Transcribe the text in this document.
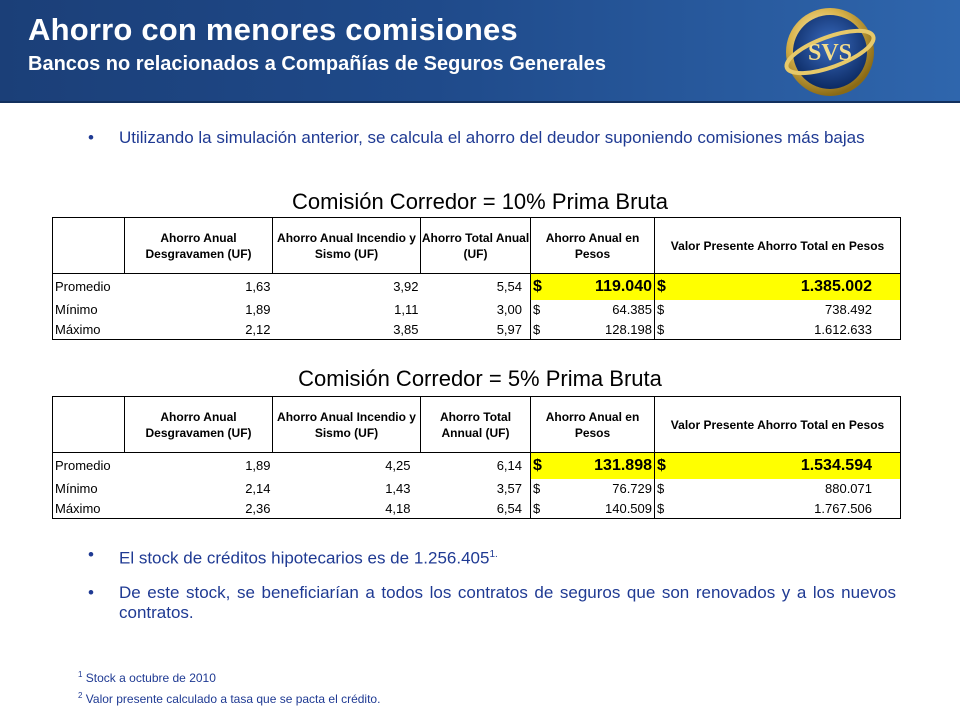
Ahorro con menores comisiones
Bancos no relacionados a Compañías de Seguros Generales	SVS
• Utilizando la simulación anterior, se calcula el ahorro del deudor suponiendo comisiones más bajas
Comisión Corredor = 10% Prima Bruta
	Ahorro Anual Desgravamen (UF)	Ahorro Anual Incendio y Sismo (UF)	Ahorro Total Anual (UF)	Ahorro Anual en Pesos	Valor Presente Ahorro Total en Pesos
Promedio	1,63	3,92	5,54	$ 119.040	$ 1.385.002

Mínimo	1,89	1,11	3,00	$ 64.385	$ 738.492

Máximo	2,12	3,85	5,97	$ 128.198	$ 1.612.633
Comisión Corredor = 5% Prima Bruta
	Ahorro Anual Desgravamen (UF)	Ahorro Anual Incendio y Sismo (UF)	Ahorro Total Annual (UF)	Ahorro Anual en Pesos	Valor Presente Ahorro Total en Pesos
Promedio	1,89	4,25	6,14	$ 131.898	$ 1.534.594

Mínimo	2,14	1,43	3,57	$ 76.729	$ 880.071

Máximo	2,36	4,18	6,54	$ 140.509	$ 1.767.506
• El stock de créditos hipotecarios es de $1.256.405^{1.}$
• De este stock, se beneficiarían a todos los contratos de seguros que son renovados y a los nuevos contratos.
$^1$ Stock a octubre de 2010
$^2$ Valor presente calculado a tasa que se pacta el crédito.
